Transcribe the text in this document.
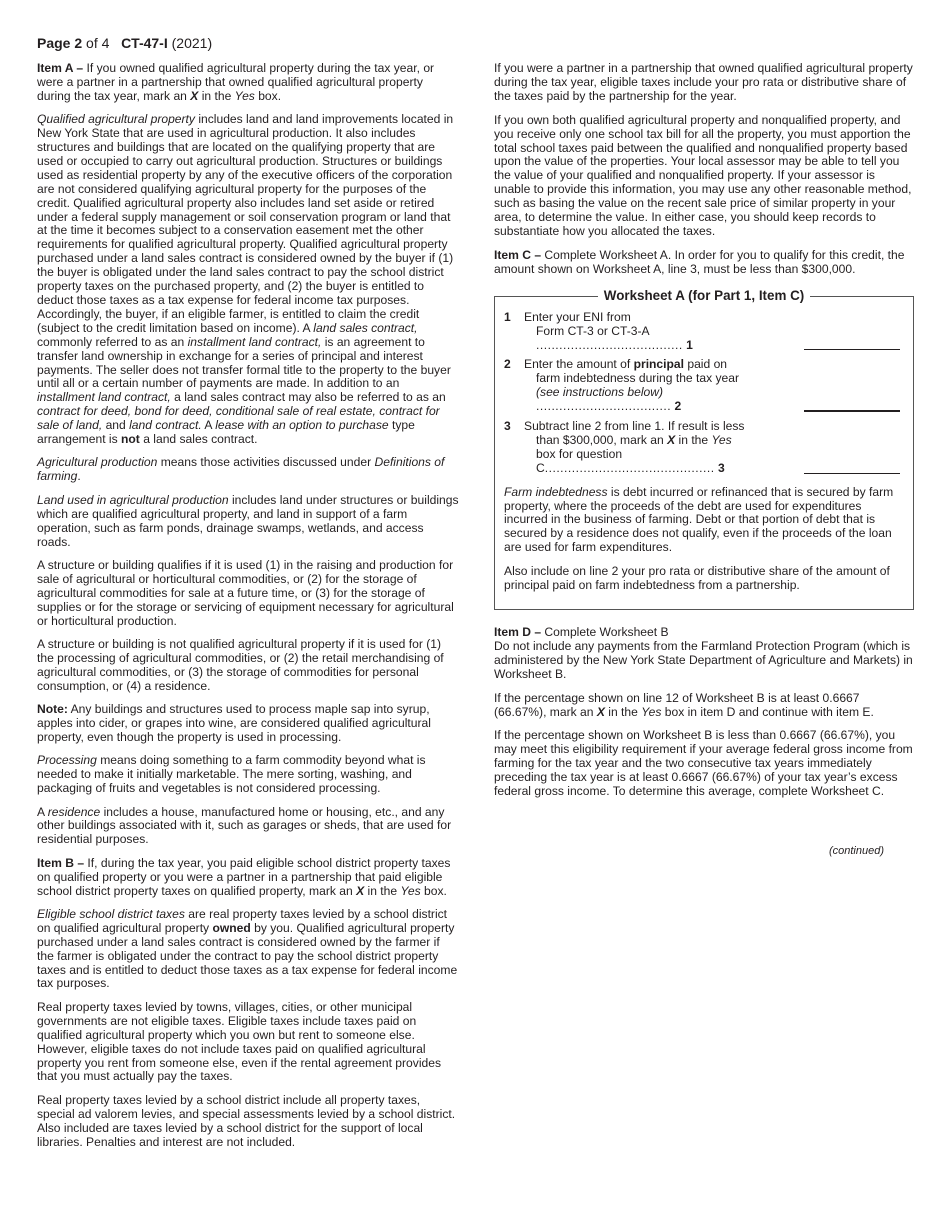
Page 2 of 4 CT-47-I (2021)

Item A – If you owned qualified agricultural property during the tax year, or were a partner in a partnership that owned qualified agricultural property during the tax year, mark an X in the Yes box.

Qualified agricultural property includes land and land improvements located in New York State that are used in agricultural production. It also includes structures and buildings that are located on the qualifying property that are used or occupied to carry out agricultural production. Structures or buildings used as residential property by any of the executive officers of the corporation are not considered qualifying agricultural property for the purposes of the credit. Qualified agricultural property also includes land set aside or retired under a federal supply management or soil conservation program or land that at the time it becomes subject to a conservation easement met the other requirements for qualified agricultural property. Qualified agricultural property purchased under a land sales contract is considered owned by the buyer if (1) the buyer is obligated under the land sales contract to pay the school district property taxes on the purchased property, and (2) the buyer is entitled to deduct those taxes as a tax expense for federal income tax purposes. Accordingly, the buyer, if an eligible farmer, is entitled to claim the credit (subject to the credit limitation based on income). A land sales contract, commonly referred to as an installment land contract, is an agreement to transfer land ownership in exchange for a series of principal and interest payments. The seller does not transfer formal title to the property to the buyer until all or a certain number of payments are made. In addition to an installment land contract, a land sales contract may also be referred to as an contract for deed, bond for deed, conditional sale of real estate, contract for sale of land, and land contract. A lease with an option to purchase type arrangement is not a land sales contract.

Agricultural production means those activities discussed under Definitions of farming.

Land used in agricultural production includes land under structures or buildings which are qualified agricultural property, and land in support of a farm operation, such as farm ponds, drainage swamps, wetlands, and access roads.

A structure or building qualifies if it is used (1) in the raising and production for sale of agricultural or horticultural commodities, or (2) for the storage of agricultural commodities for sale at a future time, or (3) for the storage of supplies or for the storage or servicing of equipment necessary for agricultural or horticultural production.

A structure or building is not qualified agricultural property if it is used for (1) the processing of agricultural commodities, or (2) the retail merchandising of agricultural commodities, or (3) the storage of commodities for personal consumption, or (4) a residence.

Note: Any buildings and structures used to process maple sap into syrup, apples into cider, or grapes into wine, are considered qualified agricultural property, even though the property is used in processing.

Processing means doing something to a farm commodity beyond what is needed to make it initially marketable. The mere sorting, washing, and packaging of fruits and vegetables is not considered processing.

A residence includes a house, manufactured home or housing, etc., and any other buildings associated with it, such as garages or sheds, that are used for residential purposes.

Item B – If, during the tax year, you paid eligible school district property taxes on qualified property or you were a partner in a partnership that paid eligible school district property taxes on qualified property, mark an X in the Yes box.

Eligible school district taxes are real property taxes levied by a school district on qualified agricultural property owned by you. Qualified agricultural property purchased under a land sales contract is considered owned by the farmer if the farmer is obligated under the contract to pay the school district property taxes and is entitled to deduct those taxes as a tax expense for federal income tax purposes.

Real property taxes levied by towns, villages, cities, or other municipal governments are not eligible taxes. Eligible taxes include taxes paid on qualified agricultural property which you own but rent to someone else. However, eligible taxes do not include taxes paid on qualified agricultural property you rent from someone else, even if the rental agreement provides that you must actually pay the taxes.

Real property taxes levied by a school district include all property taxes, special ad valorem levies, and special assessments levied by a school district. Also included are taxes levied by a school district for the support of local libraries. Penalties and interest are not included.

If you were a partner in a partnership that owned qualified agricultural property during the tax year, eligible taxes include your pro rata or distributive share of the taxes paid by the partnership for the year.

If you own both qualified agricultural property and nonqualified property, and you receive only one school tax bill for all the property, you must apportion the total school taxes paid between the qualified and nonqualified property based upon the value of the properties. Your local assessor may be able to tell you the value of your qualified and nonqualified property. If your assessor is unable to provide this information, you may use any other reasonable method, such as basing the value on the recent sale price of similar property in your area, to determine the value. In either case, you should keep records to substantiate how you allocated the taxes.

Item C – Complete Worksheet A. In order for you to qualify for this credit, the amount shown on Worksheet A, line 3, must be less than $300,000.

Worksheet A (for Part 1, Item C)
1	Enter your ENI from
Form CT-3 or CT-3-A ...................................... 1
2	Enter the amount of principal paid on
farm indebtedness during the tax year
(see instructions below) ................................... 2
3	Subtract line 2 from line 1. If result is less
than $300,000, mark an X in the Yes
box for question C............................................ 3

Farm indebtedness is debt incurred or refinanced that is secured by farm property, where the proceeds of the debt are used for expenditures incurred in the business of farming. Debt or that portion of debt that is secured by a residence does not qualify, even if the proceeds of the loan are used for farm expenditures.

Also include on line 2 your pro rata or distributive share of the amount of principal paid on farm indebtedness from a partnership.

Item D – Complete Worksheet B

Do not include any payments from the Farmland Protection Program (which is administered by the New York State Department of Agriculture and Markets) in Worksheet B.

If the percentage shown on line 12 of Worksheet B is at least 0.6667 (66.67%), mark an X in the Yes box in item D and continue with item E.

If the percentage shown on Worksheet B is less than 0.6667 (66.67%), you may meet this eligibility requirement if your average federal gross income from farming for the tax year and the two consecutive tax years immediately preceding the tax year is at least 0.6667 (66.67%) of your tax year’s excess federal gross income. To determine this average, complete Worksheet C.

(continued)
